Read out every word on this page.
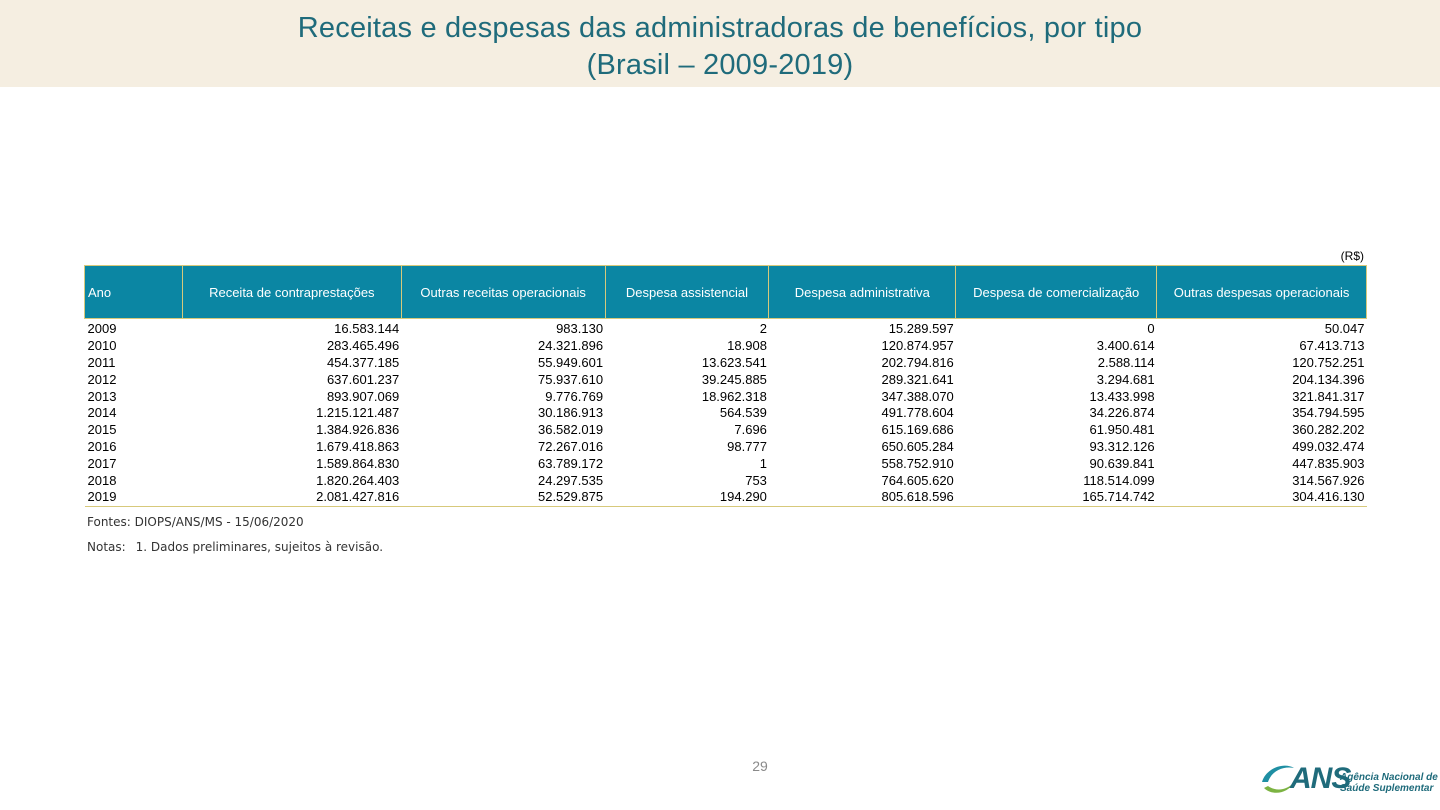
Receitas e despesas das administradoras de benefícios, por tipo
(Brasil – 2009-2019)
(R$)
Ano	Receita de contraprestações	Outras receitas operacionais	Despesa assistencial	Despesa administrativa	Despesa de comercialização	Outras despesas operacionais
2009	16.583.144	983.130	2	15.289.597	0	50.047
2010	283.465.496	24.321.896	18.908	120.874.957	3.400.614	67.413.713
2011	454.377.185	55.949.601	13.623.541	202.794.816	2.588.114	120.752.251
2012	637.601.237	75.937.610	39.245.885	289.321.641	3.294.681	204.134.396
2013	893.907.069	9.776.769	18.962.318	347.388.070	13.433.998	321.841.317
2014	1.215.121.487	30.186.913	564.539	491.778.604	34.226.874	354.794.595
2015	1.384.926.836	36.582.019	7.696	615.169.686	61.950.481	360.282.202
2016	1.679.418.863	72.267.016	98.777	650.605.284	93.312.126	499.032.474
2017	1.589.864.830	63.789.172	1	558.752.910	90.639.841	447.835.903
2018	1.820.264.403	24.297.535	753	764.605.620	118.514.099	314.567.926
2019	2.081.427.816	52.529.875	194.290	805.618.596	165.714.742	304.416.130
Fontes: DIOPS/ANS/MS - 15/06/2020
Notas: 1. Dados preliminares, sujeitos à revisão.
29	ANS
Agência Nacional de
Saúde Suplementar
